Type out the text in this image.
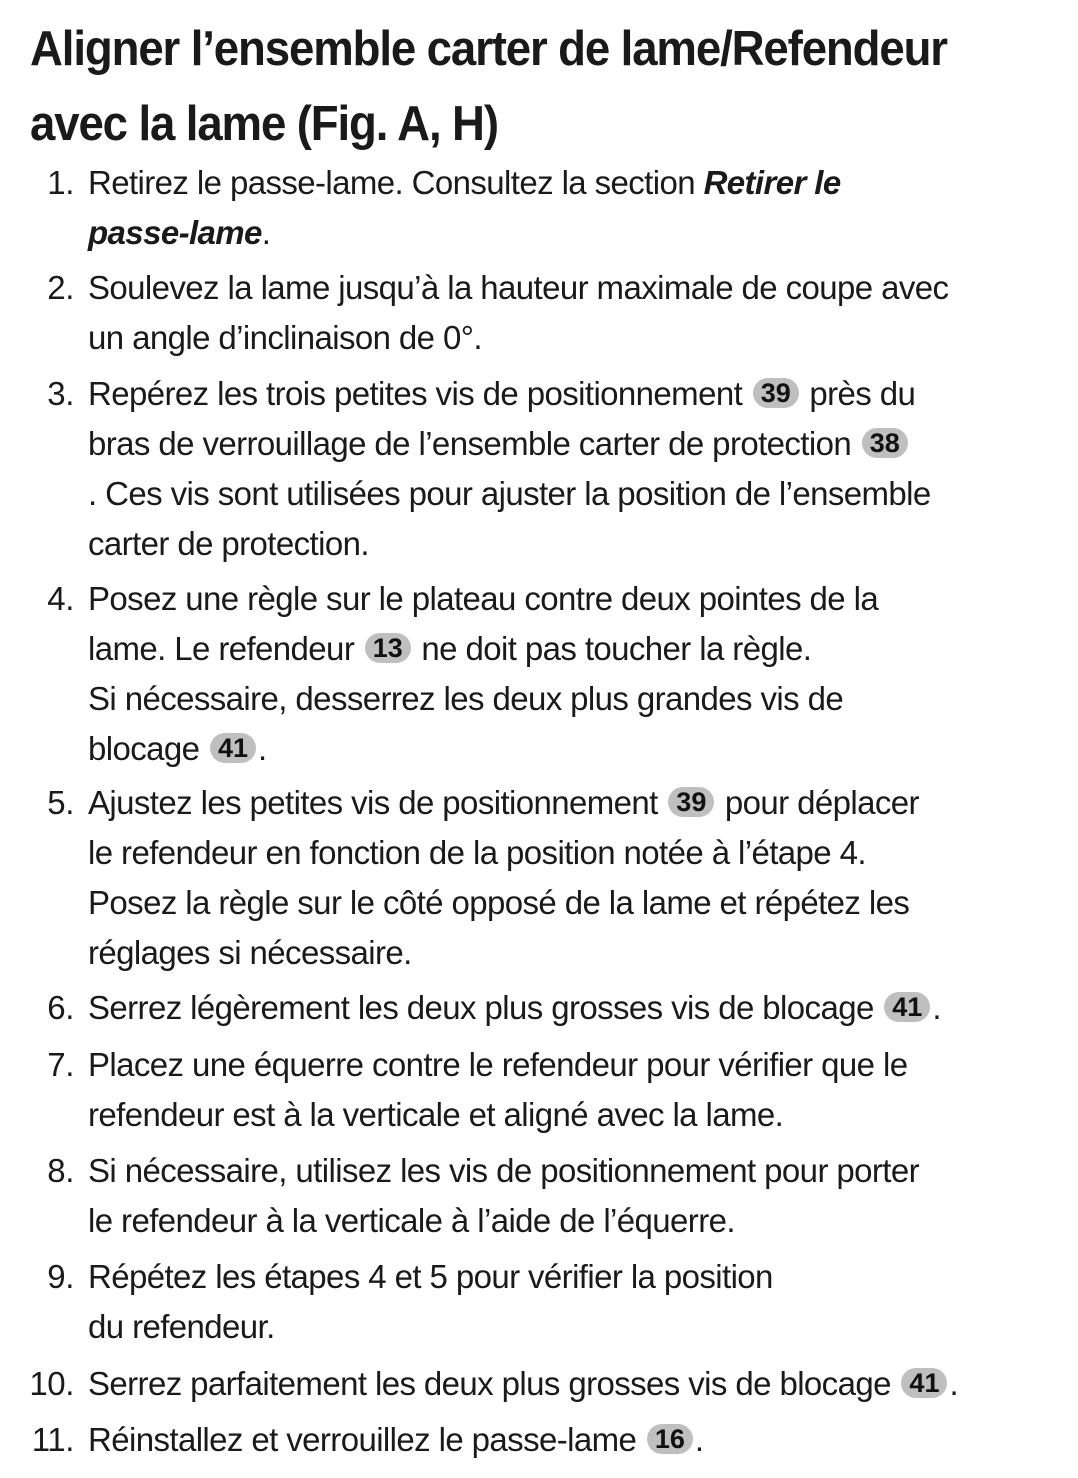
Aligner l’ensemble carter de lame/Refendeur
avec la lame (Fig. A, H)
1. Retirez le passe-lame. Consultez la section Retirer le
passe-lame.
2. Soulevez la lame jusqu’à la hauteur maximale de coupe avec
un angle d’inclinaison de 0°.
3. Repérez les trois petites vis de positionnement 39 près du
bras de verrouillage de l’ensemble carter de protection 38
. Ces vis sont utilisées pour ajuster la position de l’ensemble
carter de protection.
4. Posez une règle sur le plateau contre deux pointes de la
lame. Le refendeur 13 ne doit pas toucher la règle.
Si nécessaire, desserrez les deux plus grandes vis de
blocage 41 .
5. Ajustez les petites vis de positionnement 39 pour déplacer
le refendeur en fonction de la position notée à l’étape 4.
Posez la règle sur le côté opposé de la lame et répétez les
réglages si nécessaire.
6. Serrez légèrement les deux plus grosses vis de blocage 41 .
7. Placez une équerre contre le refendeur pour vérifier que le
refendeur est à la verticale et aligné avec la lame.
8. Si nécessaire, utilisez les vis de positionnement pour porter
le refendeur à la verticale à l’aide de l’équerre.
9. Répétez les étapes 4 et 5 pour vérifier la position
du refendeur.
10. Serrez parfaitement les deux plus grosses vis de blocage 41 .
11. Réinstallez et verrouillez le passe-lame 16 .
